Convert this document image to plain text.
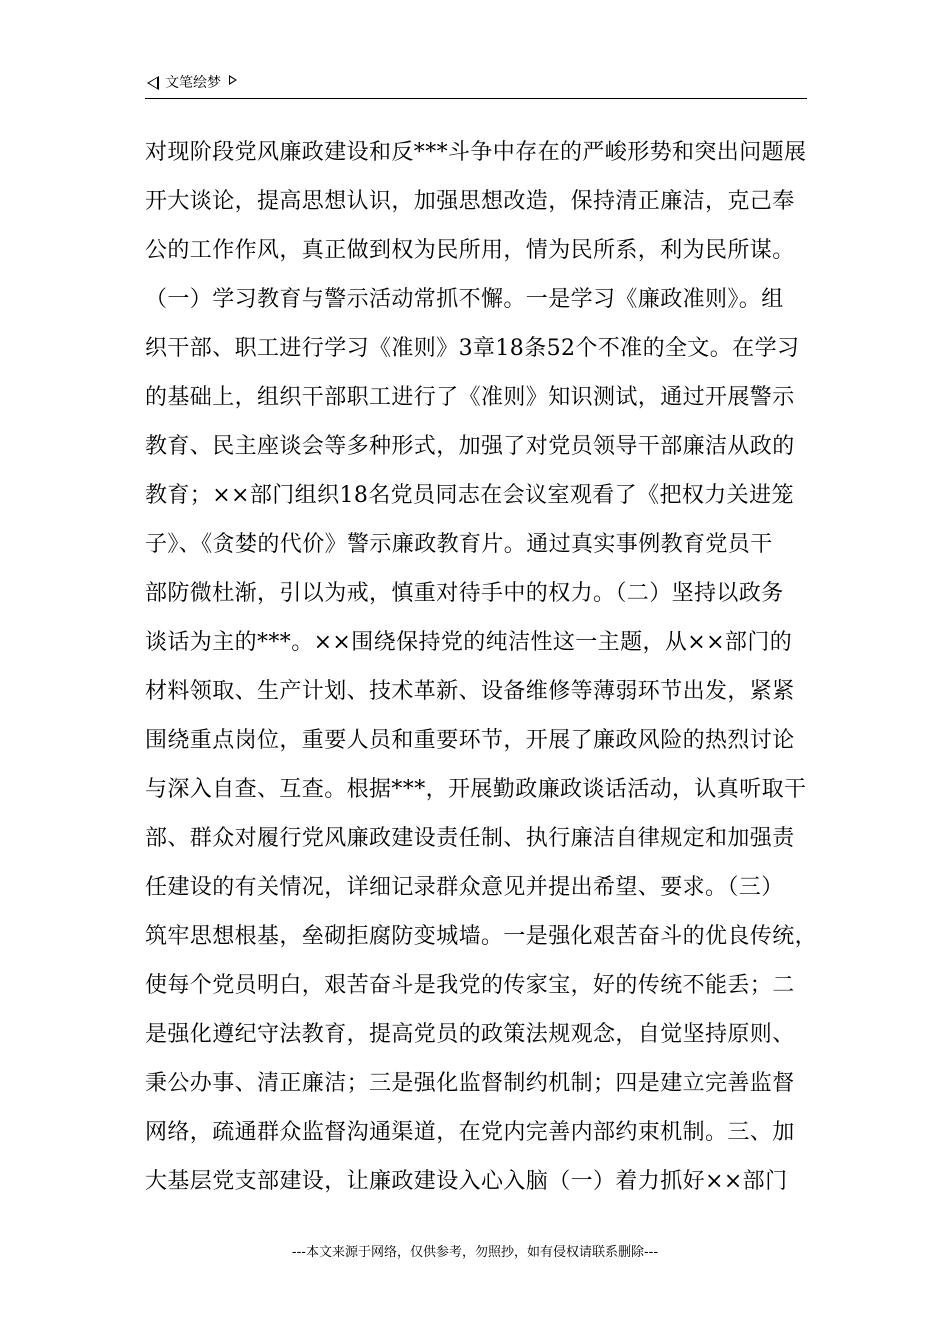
文笔绘梦
对现阶段党风廉政建设和反***斗争中存在的严峻形势和突出问题展
开大谈论，提高思想认识，加强思想改造，保持清正廉洁，克己奉
公的工作作风，真正做到权为民所用，情为民所系，利为民所谋。
（一）学习教育与警示活动常抓不懈。一是学习《廉政准则》。组
织干部、职工进行学习《准则》3章18条52个不准的全文。在学习
的基础上，组织干部职工进行了《准则》知识测试，通过开展警示
教育、民主座谈会等多种形式，加强了对党员领导干部廉洁从政的
教育；××部门组织18名党员同志在会议室观看了《把权力关进笼
子》、《贪婪的代价》警示廉政教育片。通过真实事例教育党员干
部防微杜渐，引以为戒，慎重对待手中的权力。（二）坚持以政务
谈话为主的***。××围绕保持党的纯洁性这一主题，从××部门的
材料领取、生产计划、技术革新、设备维修等薄弱环节出发，紧紧
围绕重点岗位，重要人员和重要环节，开展了廉政风险的热烈讨论
与深入自查、互查。根据***，开展勤政廉政谈话活动，认真听取干
部、群众对履行党风廉政建设责任制、执行廉洁自律规定和加强责
任建设的有关情况，详细记录群众意见并提出希望、要求。（三）
筑牢思想根基，垒砌拒腐防变城墙。一是强化艰苦奋斗的优良传统，
使每个党员明白，艰苦奋斗是我党的传家宝，好的传统不能丢；二
是强化遵纪守法教育，提高党员的政策法规观念，自觉坚持原则、
秉公办事、清正廉洁；三是强化监督制约机制；四是建立完善监督
网络，疏通群众监督沟通渠道，在党内完善内部约束机制。三、加
大基层党支部建设，让廉政建设入心入脑（一）着力抓好××部门
---本文来源于网络，仅供参考，勿照抄，如有侵权请联系删除---
